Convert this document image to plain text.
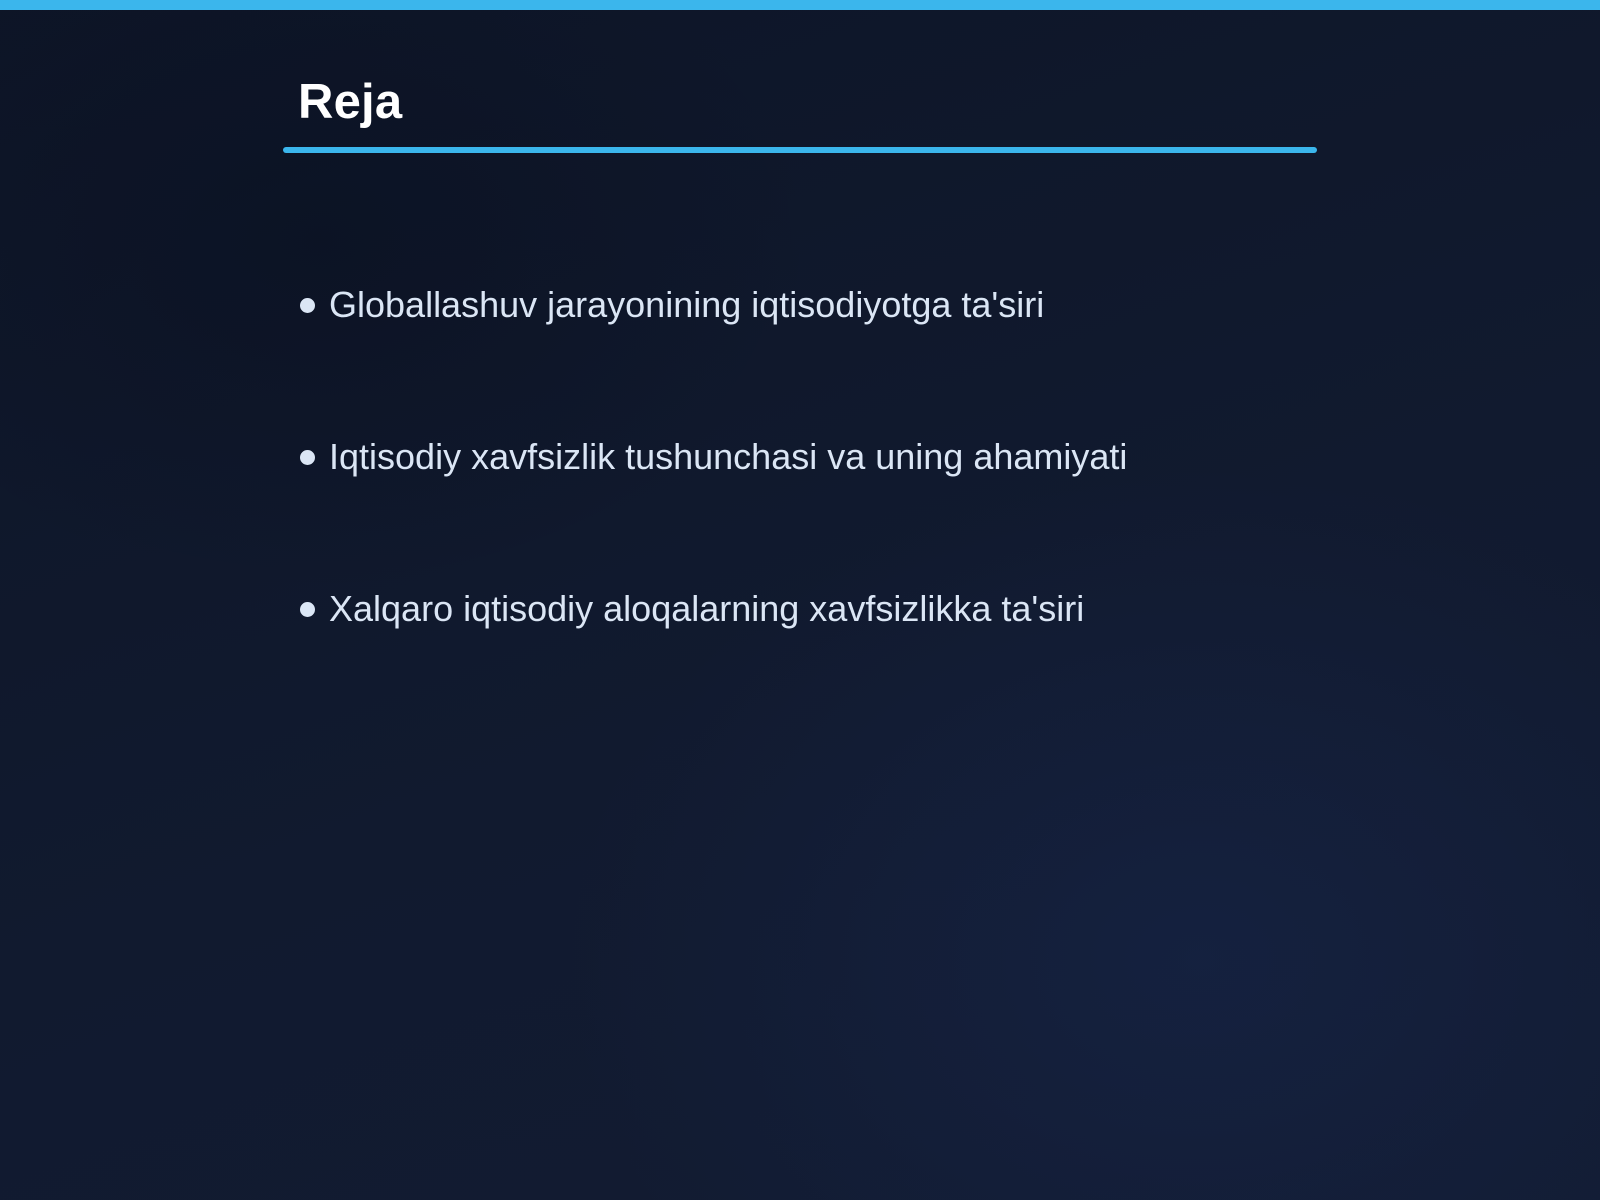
Reja
Globallashuv jarayonining iqtisodiyotga ta'siri
Iqtisodiy xavfsizlik tushunchasi va uning ahamiyati
Xalqaro iqtisodiy aloqalarning xavfsizlikka ta'siri
